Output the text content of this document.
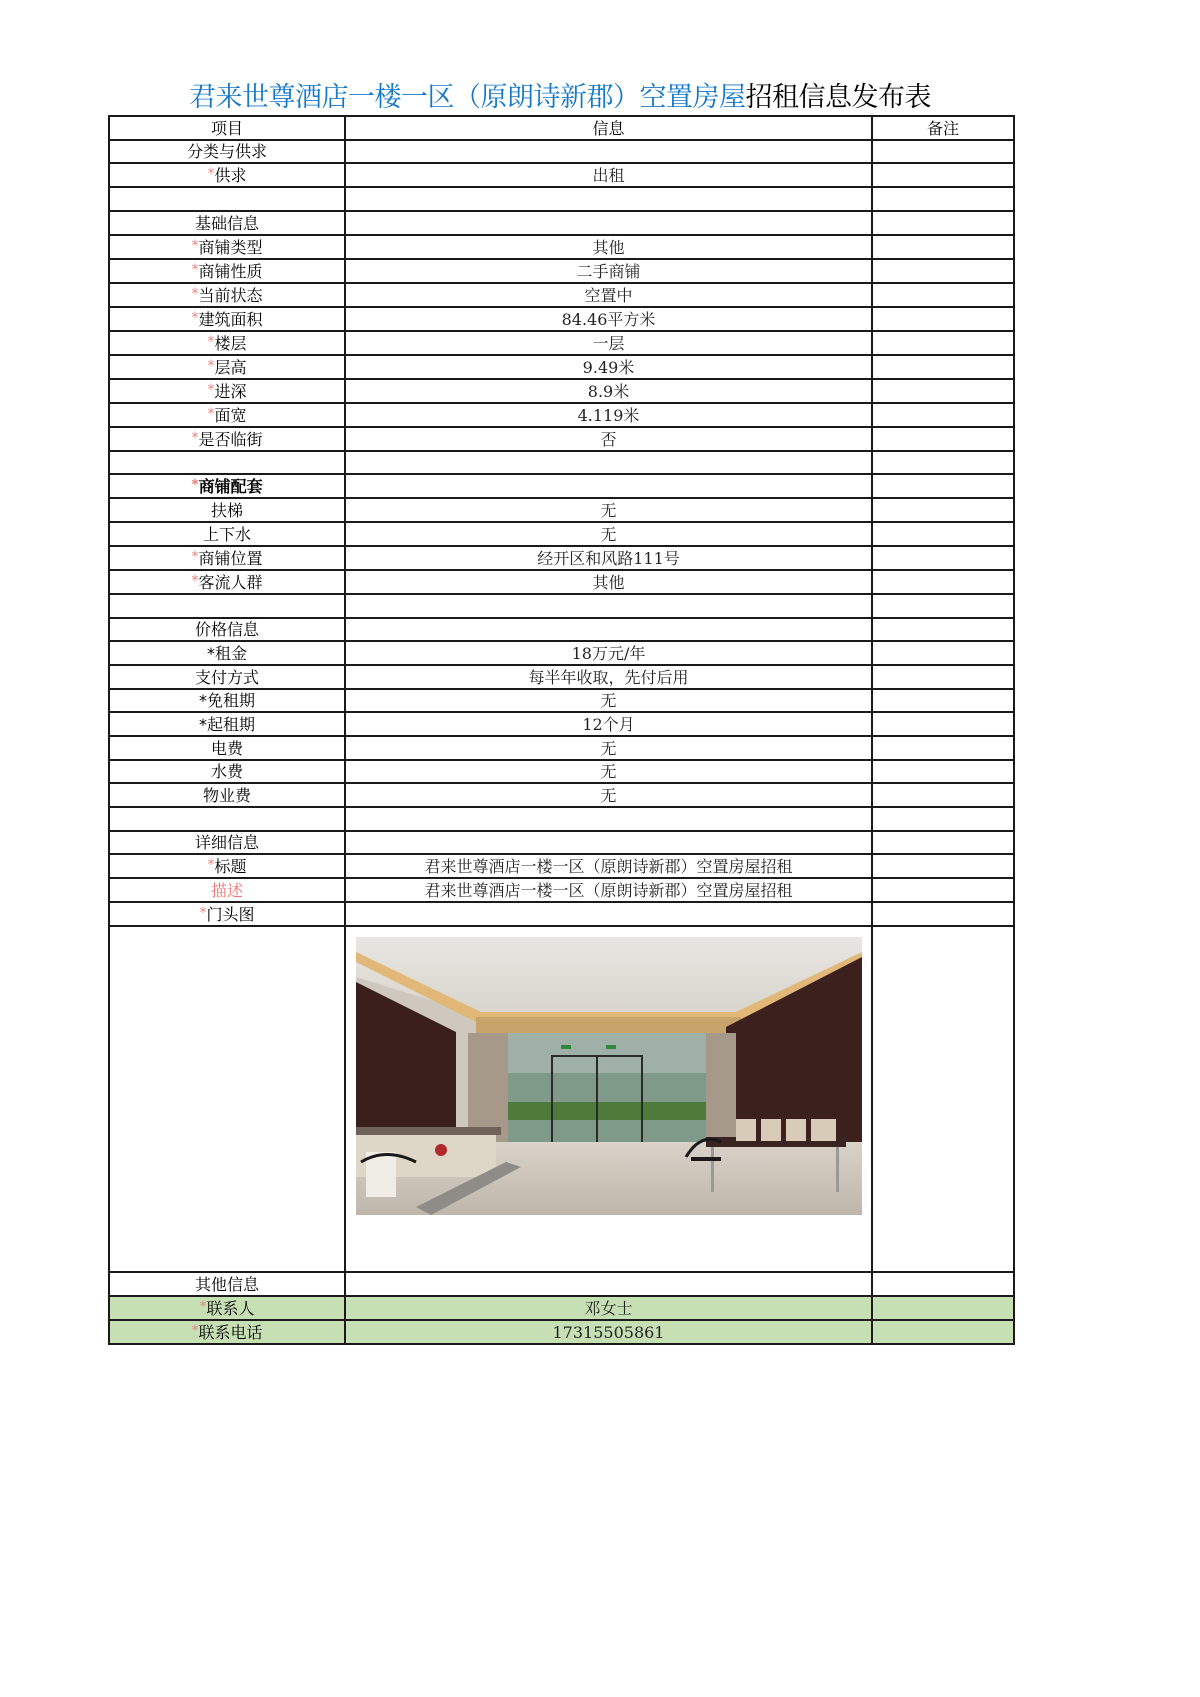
君来世尊酒店一楼一区（原朗诗新郡）空置房屋招租信息发布表
项目	信息	备注
分类与供求		
*供求	出租	

基础信息		
*商铺类型	其他	
*商铺性质	二手商铺	
*当前状态	空置中	
*建筑面积	84.46平方米	
*楼层	一层	
*层高	9.49米	
*进深	8.9米	
*面宽	4.119米	
*是否临街	否	

*商铺配套		
扶梯	无	
上下水	无	
*商铺位置	经开区和风路111号	
*客流人群	其他	

价格信息		
*租金	18万元/年	
支付方式	每半年收取，先付后用	
*免租期	无	
*起租期	12个月	
电费	无	
水费	无	
物业费	无	

详细信息		
*标题	君来世尊酒店一楼一区（原朗诗新郡）空置房屋招租	
描述	君来世尊酒店一楼一区（原朗诗新郡）空置房屋招租	
*门头图		

其他信息		
*联系人	邓女士	
*联系电话	17315505861	
